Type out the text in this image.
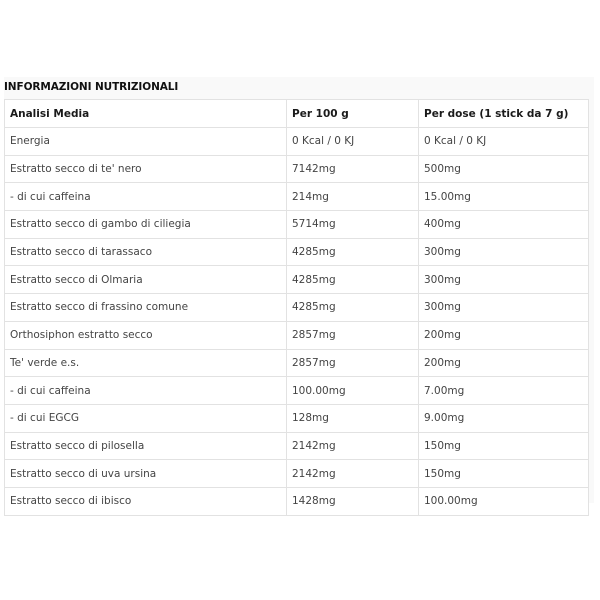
INFORMAZIONI NUTRIZIONALI
Analisi Media	Per 100 g	Per dose (1 stick da 7 g)
Energia	0 Kcal / 0 KJ	0 Kcal / 0 KJ
Estratto secco di te' nero	7142mg	500mg
- di cui caffeina	214mg	15.00mg
Estratto secco di gambo di ciliegia	5714mg	400mg
Estratto secco di tarassaco	4285mg	300mg
Estratto secco di Olmaria	4285mg	300mg
Estratto secco di frassino comune	4285mg	300mg
Orthosiphon estratto secco	2857mg	200mg
Te' verde e.s.	2857mg	200mg
- di cui caffeina	100.00mg	7.00mg
- di cui EGCG	128mg	9.00mg
Estratto secco di pilosella	2142mg	150mg
Estratto secco di uva ursina	2142mg	150mg
Estratto secco di ibisco	1428mg	100.00mg
